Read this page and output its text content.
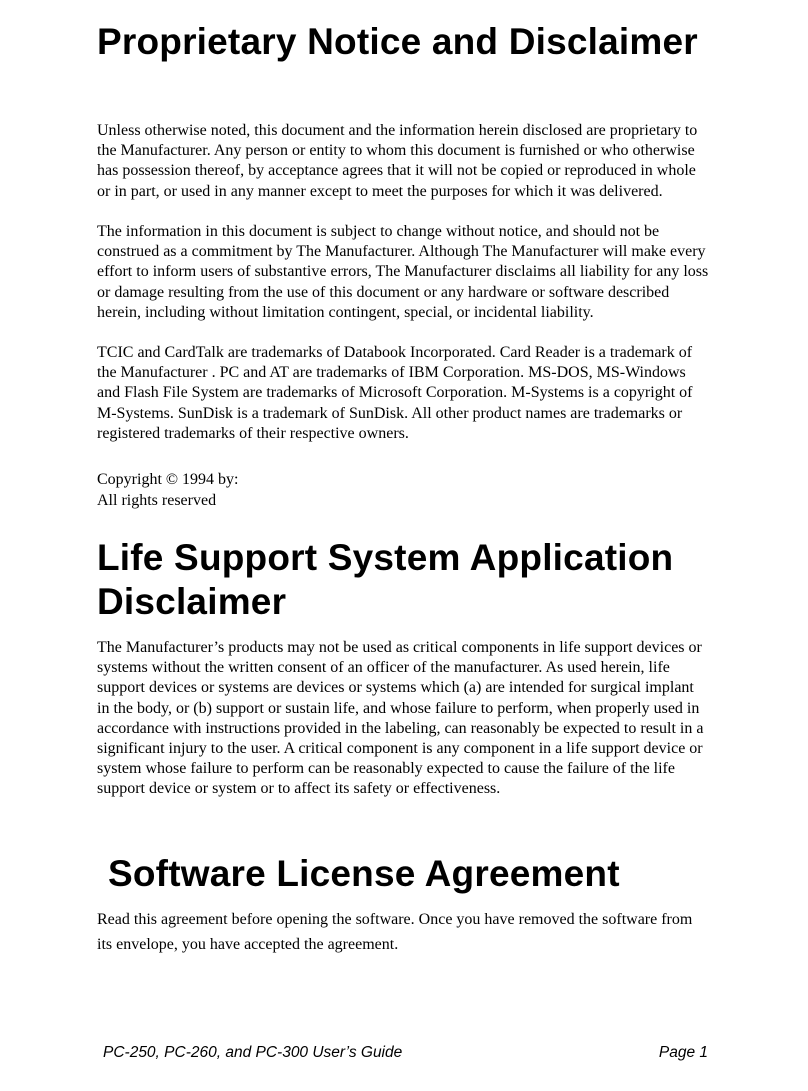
Proprietary Notice and Disclaimer

Unless otherwise noted, this document and the information herein disclosed are proprietary to the Manufacturer. Any person or entity to whom this document is furnished or who otherwise has possession thereof, by acceptance agrees that it will not be copied or reproduced in whole or in part, or used in any manner except to meet the purposes for which it was delivered.

The information in this document is subject to change without notice, and should not be construed as a commitment by The Manufacturer. Although The Manufacturer will make every effort to inform users of substantive errors, The Manufacturer disclaims all liability for any loss or damage resulting from the use of this document or any hardware or software described herein, including without limitation contingent, special, or incidental liability.

TCIC and CardTalk are trademarks of Databook Incorporated. Card Reader is a trademark of the Manufacturer . PC and AT are trademarks of IBM Corporation. MS-DOS, MS-Windows and Flash File System are trademarks of Microsoft Corporation. M-Systems is a copyright of M-Systems. SunDisk is a trademark of SunDisk. All other product names are trademarks or registered trademarks of their respective owners.

Copyright © 1994 by:

All rights reserved

Life Support System Application Disclaimer

The Manufacturer’s products may not be used as critical components in life support devices or systems without the written consent of an officer of the manufacturer. As used herein, life support devices or systems are devices or systems which (a) are intended for surgical implant in the body, or (b) support or sustain life, and whose failure to perform, when properly used in accordance with instructions provided in the labeling, can reasonably be expected to result in a significant injury to the user. A critical component is any component in a life support device or system whose failure to perform can be reasonably expected to cause the failure of the life support device or system or to affect its safety or effectiveness.

Software License Agreement

Read this agreement before opening the software. Once you have removed the software from its envelope, you have accepted the agreement.

PC-250, PC-260, and PC-300 User’s Guide	Page 1
